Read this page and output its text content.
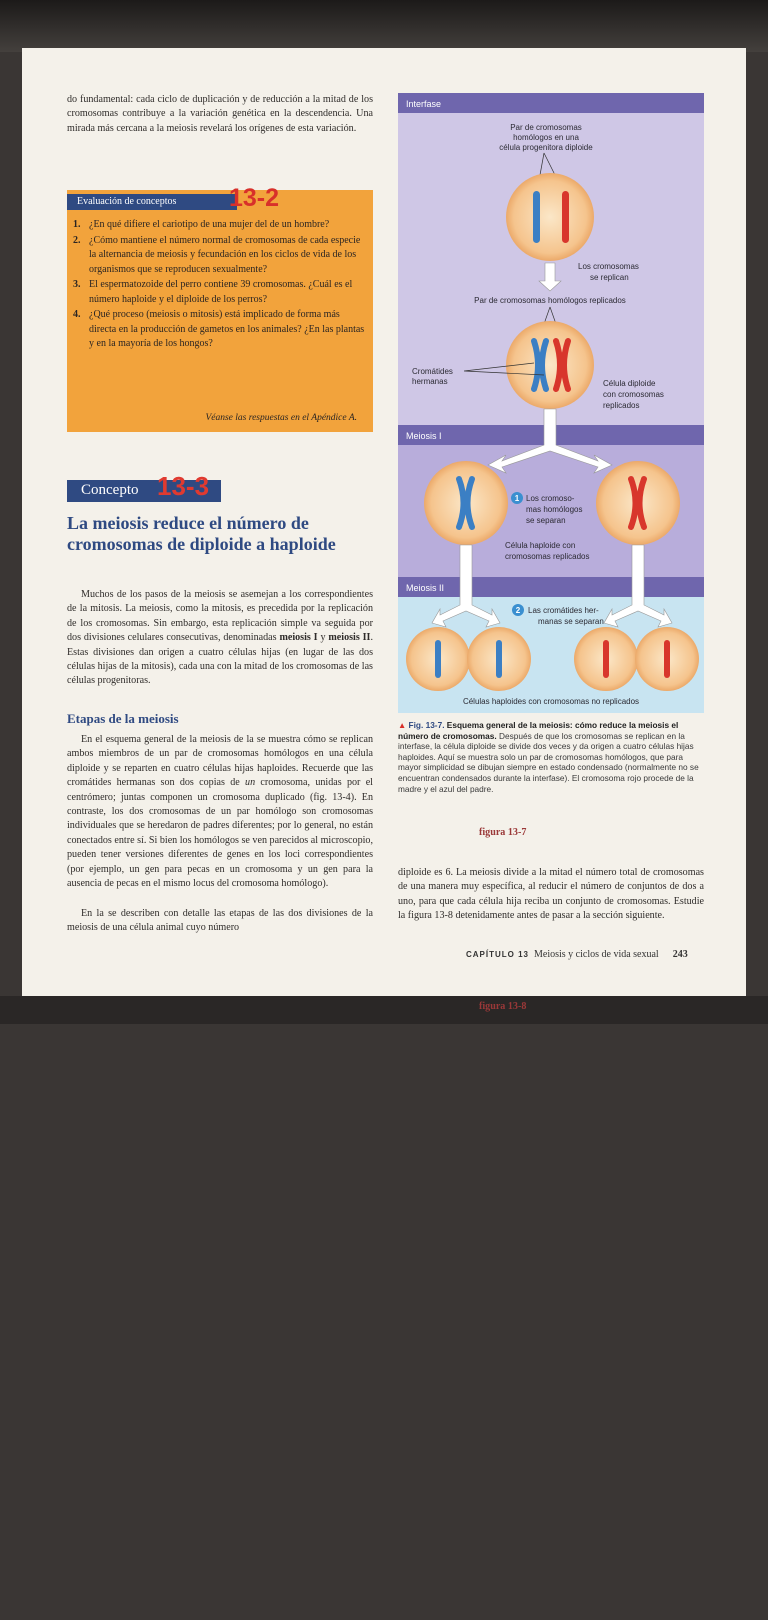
do fundamental: cada ciclo de duplicación y de reducción a la mitad de los cromosomas contribuye a la variación genética en la descendencia. Una mirada más cercana a la meiosis revelará los orígenes de esta variación.

Evaluación de conceptos	13-2
1. ¿En qué difiere el cariotipo de una mujer del de un hombre?
2. ¿Cómo mantiene el número normal de cromosomas de cada especie la alternancia de meiosis y fecundación en los ciclos de vida de los organismos que se reproducen sexualmente?
3. El espermatozoide del perro contiene 39 cromosomas. ¿Cuál es el número haploide y el diploide de los perros?
4. ¿Qué proceso (meiosis o mitosis) está implicado de forma más directa en la producción de gametos en los animales? ¿En las plantas y en la mayoría de los hongos?
Véanse las respuestas en el Apéndice A.
Concepto 13-3
La meiosis reduce el número de cromosomas de diploide a haploide

Muchos de los pasos de la meiosis se asemejan a los correspondientes de la mitosis. La meiosis, como la mitosis, es precedida por la replicación de los cromosomas. Sin embargo, esta replicación simple va seguida por dos divisiones celulares consecutivas, denominadas meiosis I y meiosis II. Estas divisiones dan origen a cuatro células hijas (en lugar de las dos células hijas de la mitosis), cada una con la mitad de los cromosomas de las células progenitoras.

Etapas de la meiosis

En el esquema general de la meiosis de la
figura 13-7
se muestra cómo se replican ambos miembros de un par de cromosomas homólogos en una célula diploide y se reparten en cuatro células hijas haploides. Recuerde que las cromátides hermanas son dos copias de un cromosoma, unidas por el centrómero; juntas componen un cromosoma duplicado (fig. 13-4). En contraste, los dos cromosomas de un par homólogo son cromosomas individuales que se heredaron de padres diferentes; por lo general, no están conectados entre sí. Si bien los homólogos se ven parecidos al microscopio, pueden tener versiones diferentes de genes en los loci correspondientes (por ejemplo, un gen para pecas en un cromosoma y un gen para la ausencia de pecas en el mismo locus del cromosoma homólogo).

En la
figura 13-8
se describen con detalle las etapas de las dos divisiones de la meiosis de una célula animal cuyo número

diploide es 6. La meiosis divide a la mitad el número total de cromosomas de una manera muy específica, al reducir el número de conjuntos de dos a uno, para que cada célula hija reciba un conjunto de cromosomas. Estudie la figura 13-8 detenidamente antes de pasar a la sección siguiente.

Interfase
Meiosis I
Meiosis II
Par de cromosomas
homólogos en una
célula progenitora diploide
Los cromosomas
se replican
Par de cromosomas homólogos replicados
Cromátides
hermanas	Célula diploide
con cromosomas
replicados
1 Los cromoso-
mas homólogos
se separan
Célula haploide con
cromosomas replicados
2 Las cromátides her-
manas se separan
Células haploides con cromosomas no replicados
▲ Fig. 13-7. Esquema general de la meiosis: cómo reduce la meiosis el número de cromosomas. Después de que los cromosomas se replican en la interfase, la célula diploide se divide dos veces y da origen a cuatro células hijas haploides. Aquí se muestra solo un par de cromosomas homólogos, que para mayor simplicidad se dibujan siempre en estado condensado (normalmente no se encuentran condensados durante la interfase). El cromosoma rojo procede de la madre y el azul del padre.
CAPÍTULO 13 Meiosis y ciclos de vida sexual 243
